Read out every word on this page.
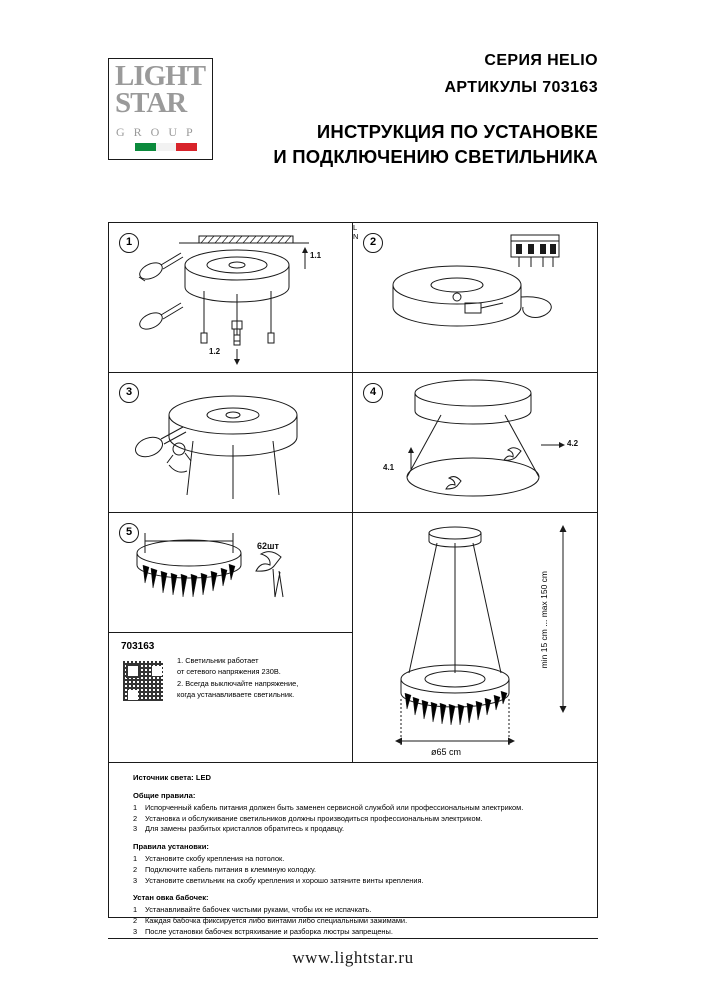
LIGHT
STAR
G R O U P
СЕРИЯ HELIO
АРТИКУЛЫ 703163
ИНСТРУКЦИЯ ПО УСТАНОВКЕ
И ПОДКЛЮЧЕНИЮ СВЕТИЛЬНИКА
1
1.1
1.2
2
L
N
3	4
4.2
4.1
5
62шт
703163
1. Светильник работает
от сетевого напряжения 230B.
2. Всегда выключайте напряжение,
когда устанавливаете светильник.
min 15 cm ... max 150 cm
ø65 cm
Источник света: LED
Общие правила:
1	Испорченный кабель питания должен быть заменен сервисной службой или профессиональным электриком.
2	Установка и обслуживание светильников должны производиться профессиональным электриком.
3	Для замены разбитых кристаллов обратитесь к продавцу.
Правила установки:
1	Установите скобу крепления на потолок.
2	Подключите кабель питания в клеммную колодку.
3	Установите светильник на скобу крепления и хорошо затяните винты крепления.
Устан овка бабочек:
1	Устанавливайте бабочек чистыми руками, чтобы их не испачкать.
2	Каждая бабочка фиксируется либо винтами либо специальными зажимами.
3	После установки бабочек встряхивание и разборка люстры запрещены.
www.lightstar.ru
